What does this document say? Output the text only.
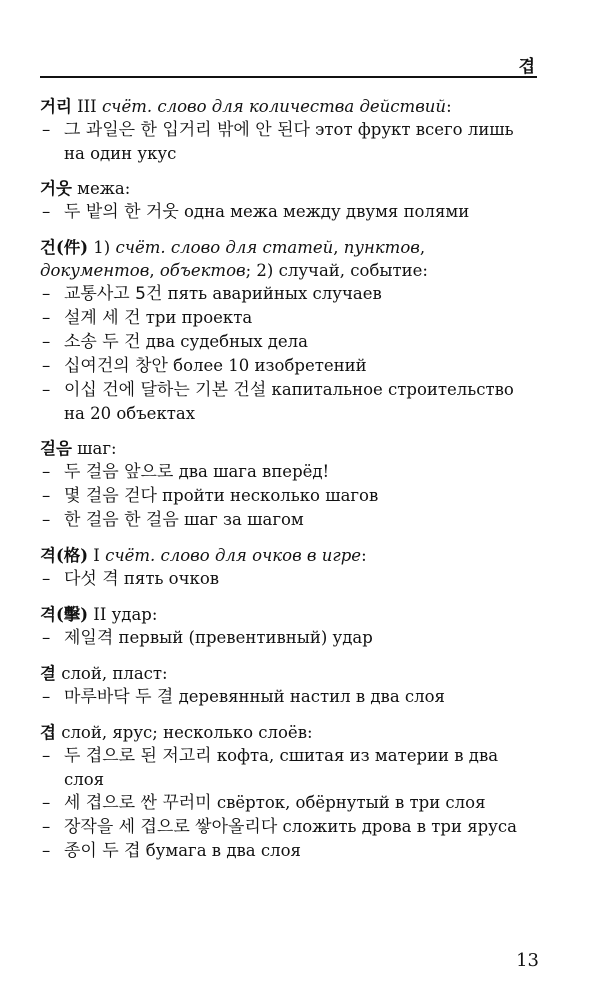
겹

거리 III счёт. слово для количества действий:

– 그 과일은 한 입거리 밖에 안 된다 этот фрукт всего лишь на один укус

거웃 межа:

– 두 밭의 한 거웃 одна межа между двумя полями

건(件) 1) счёт. слово для статей, пунктов, документов, объектов; 2) случай, событие:

– 교통사고 5건 пять аварийных случаев

– 설계 세 건 три проекта

– 소송 두 건 два судебных дела

– 십여건의 창안 более 10 изобретений

– 이십 건에 달하는 기본 건설 капитальное строительство на 20 объектах

걸음 шаг:

– 두 걸음 앞으로 два шага вперёд!

– 몇 걸음 걷다 пройти несколько шагов

– 한 걸음 한 걸음 шаг за шагом

격(格) I счёт. слово для очков в игре:

– 다섯 격 пять очков

격(擊) II удар:

– 제일격 первый (превентивный) удар

결 слой, пласт:

– 마루바닥 두 결 деревянный настил в два слоя

겹 слой, ярус; несколько слоёв:

– 두 겹으로 된 저고리 кофта, сшитая из материи в два слоя

– 세 겹으로 싼 꾸러미 свёрток, обёрнутый в три слоя

– 장작을 세 겹으로 쌓아올리다 сложить дрова в три яруса

– 종이 두 겹 бумага в два слоя

13
